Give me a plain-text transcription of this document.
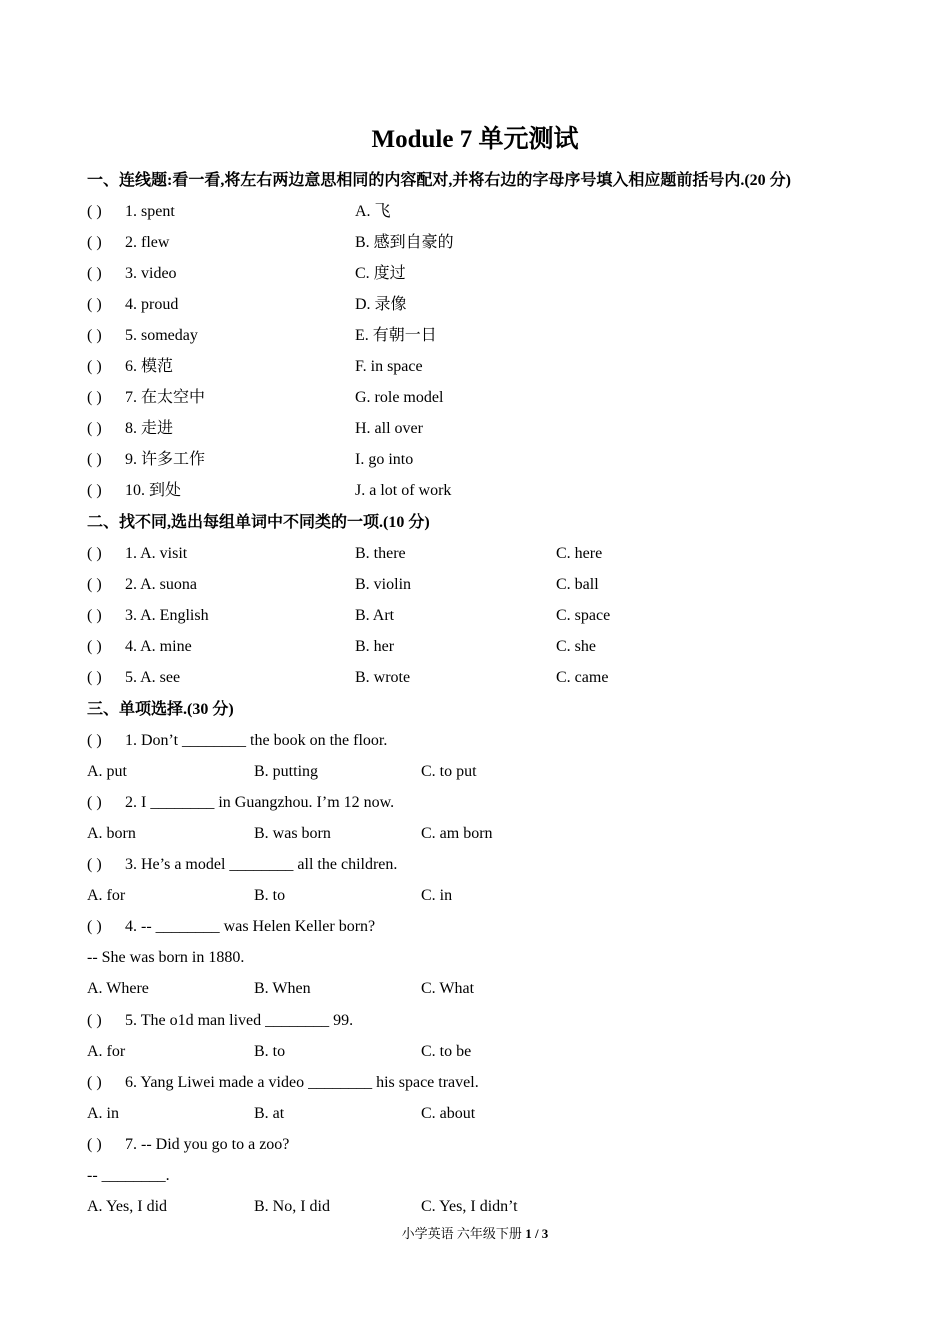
Module 7 单元测试
一、连线题:看一看,将左右两边意思相同的内容配对,并将右边的字母序号填入相应题前括号内.(20 分)
( ) 1. spent	A. 飞
( ) 2. flew	B. 感到自豪的
( ) 3. video	C. 度过
( ) 4. proud	D. 录像
( ) 5. someday	E. 有朝一日
( ) 6. 模范	F. in space
( ) 7. 在太空中	G. role model
( ) 8. 走进	H. all over
( ) 9. 许多工作	I. go into
( ) 10. 到处	J. a lot of work
二、找不同,选出每组单词中不同类的一项.(10 分)
( ) 1. A. visit	B. there	C. here
( ) 2. A. suona	B. violin	C. ball
( ) 3. A. English	B. Art	C. space
( ) 4. A. mine	B. her	C. she
( ) 5. A. see	B. wrote	C. came
三、单项选择.(30 分)
( ) 1. Don’t ________ the book on the floor.
A. put	B. putting	C. to put
( ) 2. I ________ in Guangzhou. I’m 12 now.
A. born	B. was born	C. am born
( ) 3. He’s a model ________ all the children.
A. for	B. to	C. in
( ) 4. -- ________ was Helen Keller born?
-- She was born in 1880.
A. Where	B. When	C. What
( ) 5. The o1d man lived ________ 99.
A. for	B. to	C. to be
( ) 6. Yang Liwei made a video ________ his space travel.
A. in	B. at	C. about
( ) 7. -- Did you go to a zoo?
-- ________.
A. Yes, I did	B. No, I did	C. Yes, I didn’t
小学英语 六年级下册 1 / 3
